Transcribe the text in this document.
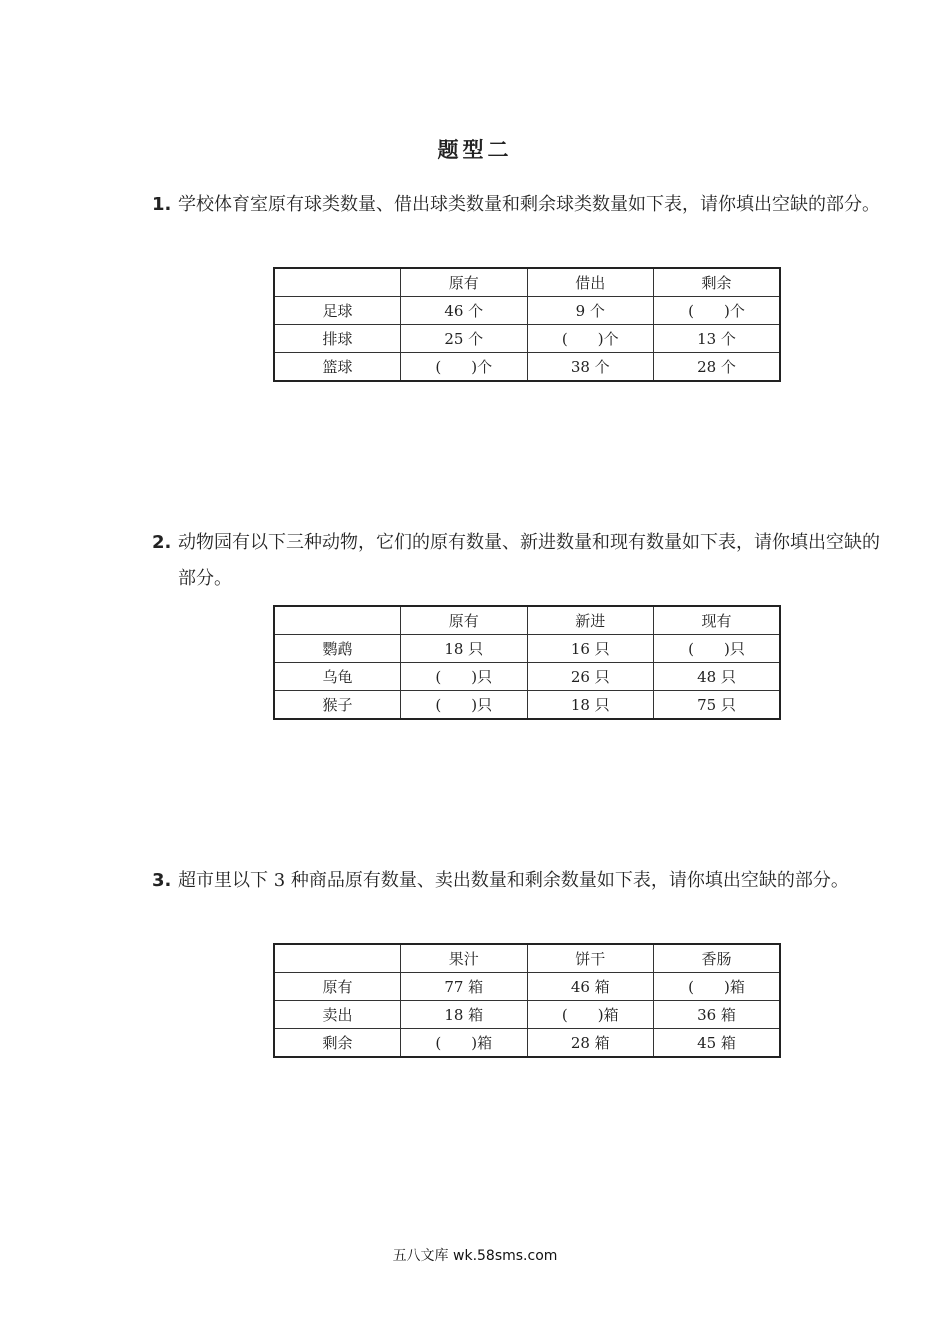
题型二
1. 学校体育室原有球类数量、借出球类数量和剩余球类数量如下表，请你填出空缺的部分。
	原有	借出	剩余
足球	46 个	9 个	(　　)个
排球	25 个	(　　)个	13 个
篮球	(　　)个	38 个	28 个
2. 动物园有以下三种动物，它们的原有数量、新进数量和现有数量如下表，请你填出空缺的部分。
	原有	新进	现有
鹦鹉	18 只	16 只	(　　)只
乌龟	(　　)只	26 只	48 只
猴子	(　　)只	18 只	75 只
3. 超市里以下 3 种商品原有数量、卖出数量和剩余数量如下表，请你填出空缺的部分。
	果汁	饼干	香肠
原有	77 箱	46 箱	(　　)箱
卖出	18 箱	(　　)箱	36 箱
剩余	(　　)箱	28 箱	45 箱
五八文库 wk.58sms.com
